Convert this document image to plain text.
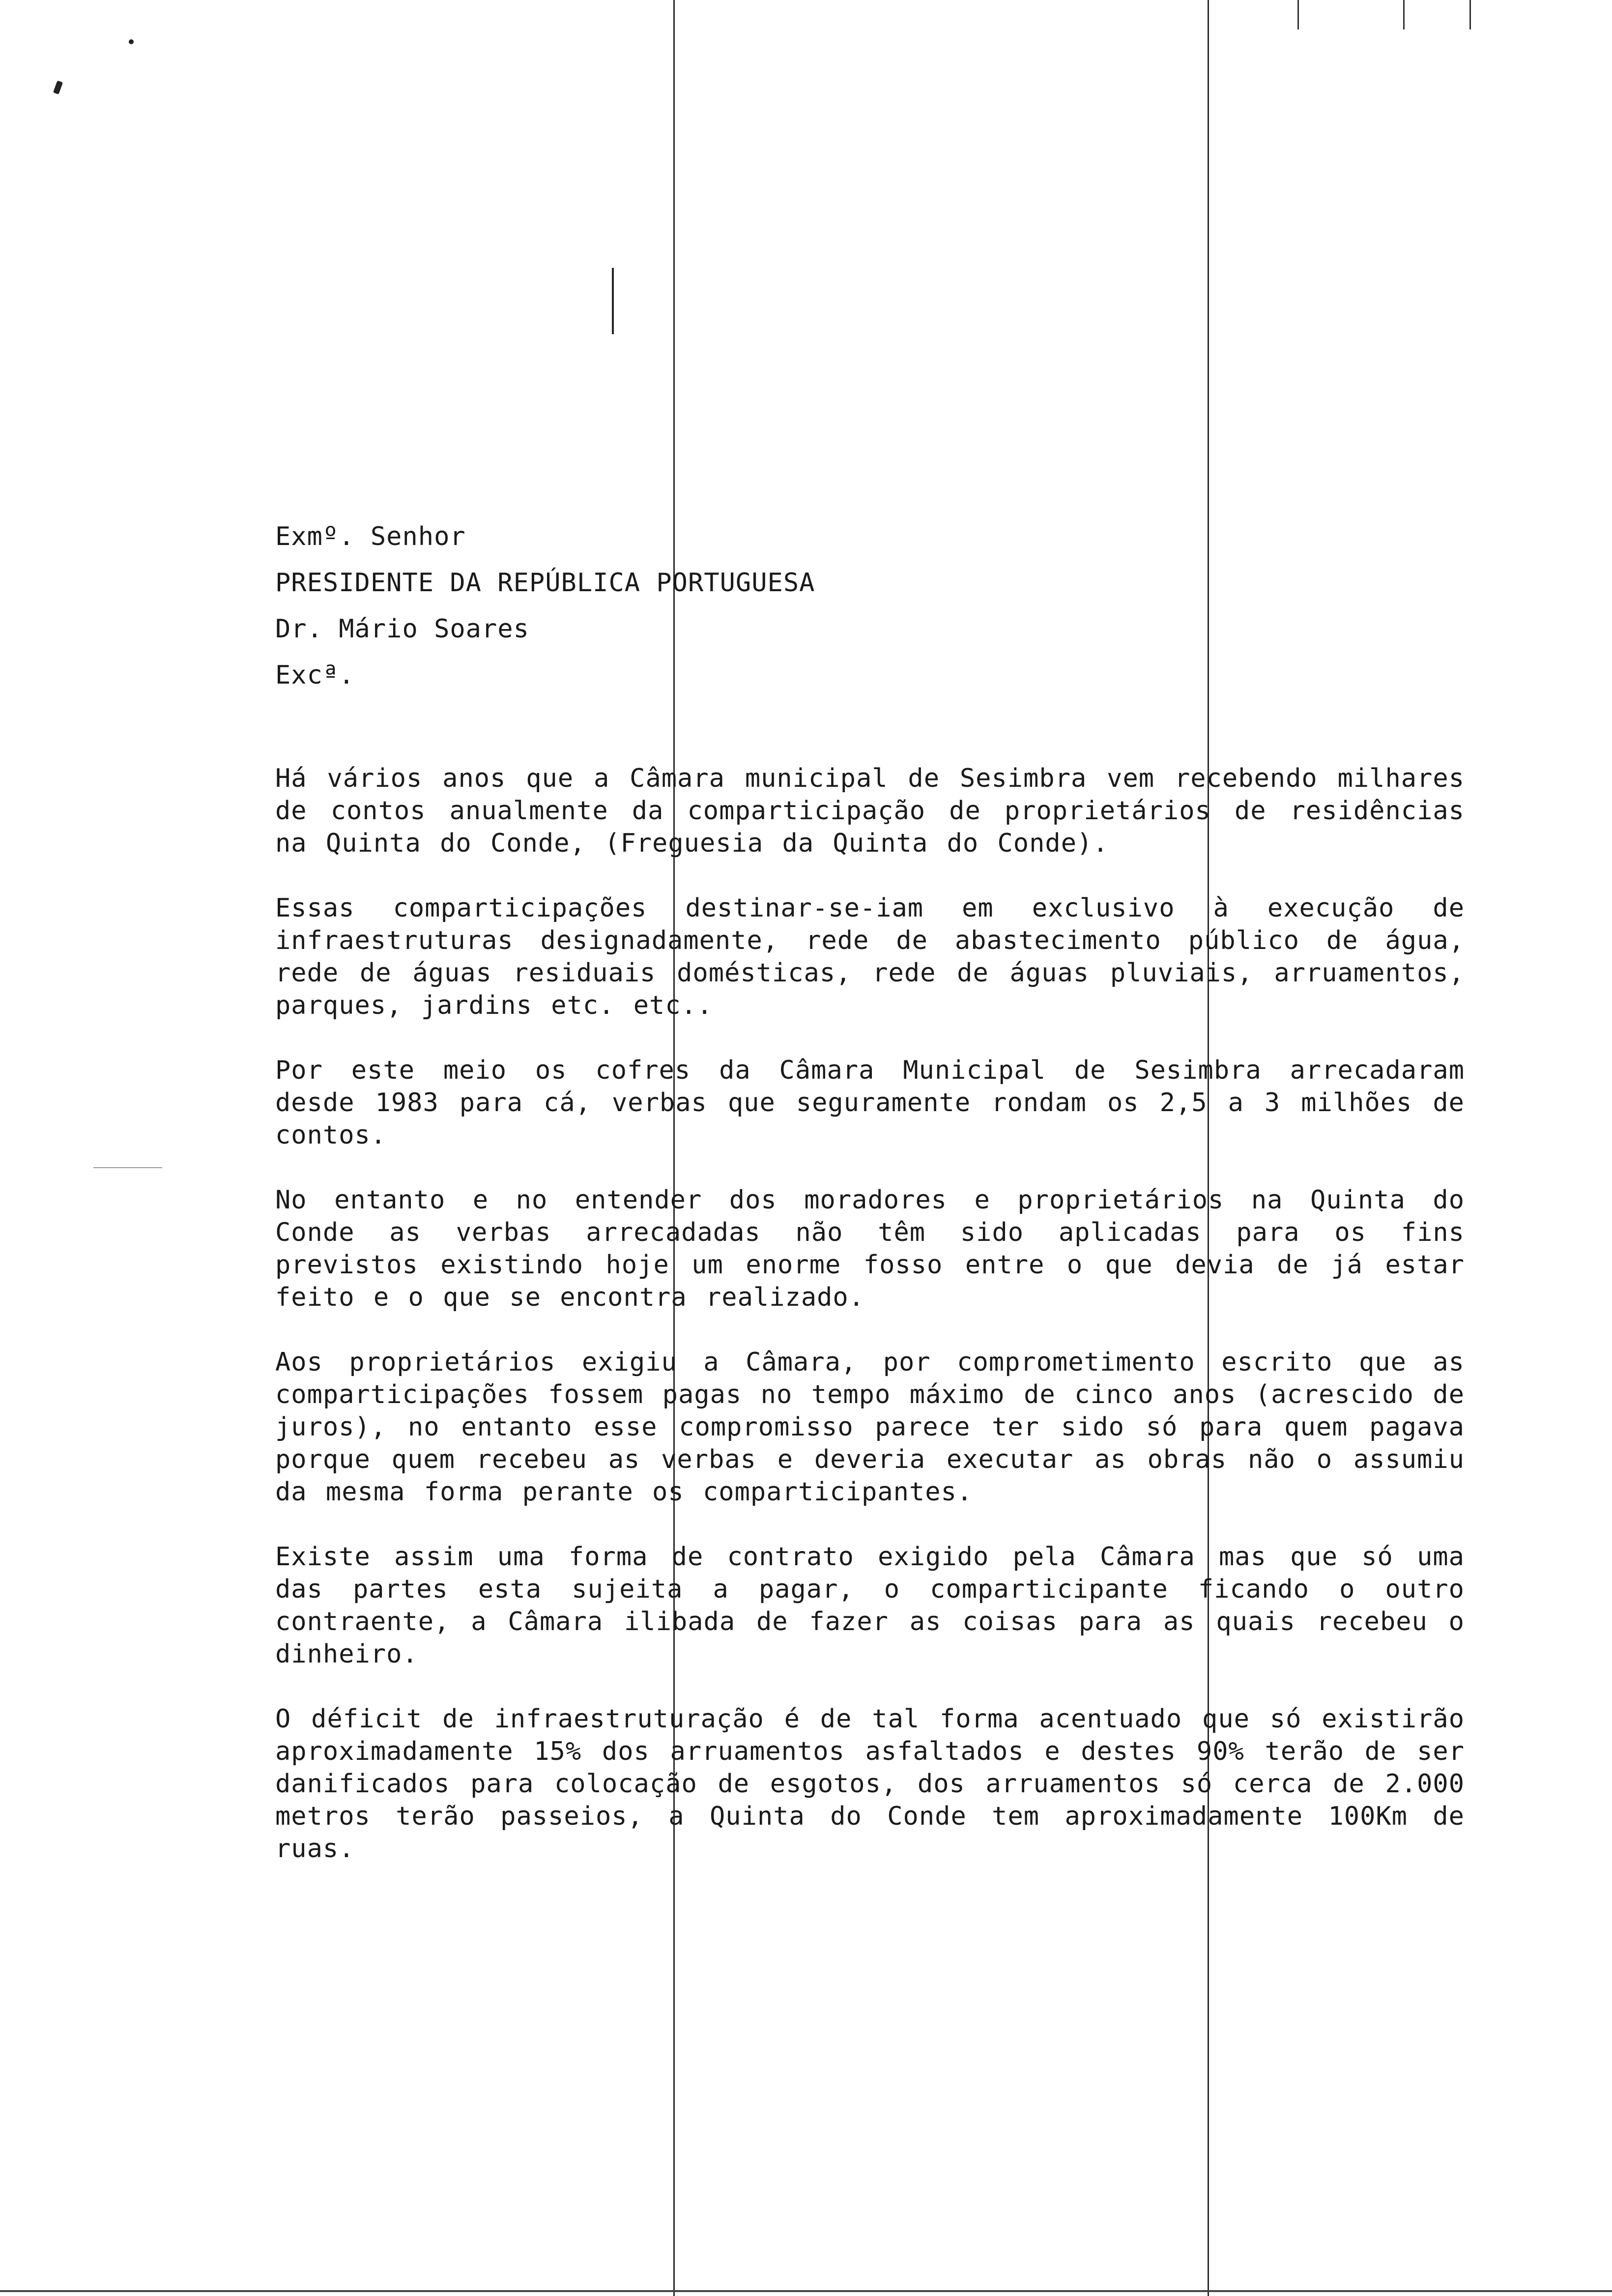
Exmº. Senhor
PRESIDENTE DA REPÚBLICA PORTUGUESA
Dr. Mário Soares
Excª.

Há vários anos que a Câmara municipal de Sesimbra vem recebendo milhares de contos anualmente da comparticipação de proprietários de residências na Quinta do Conde, (Freguesia da Quinta do Conde).

Essas comparticipações destinar-se-iam em exclusivo à execução de infraestruturas designadamente, rede de abastecimento público de água, rede de águas residuais domésticas, rede de águas pluviais, arruamentos, parques, jardins etc. etc..

Por este meio os cofres da Câmara Municipal de Sesimbra arrecadaram desde 1983 para cá, verbas que seguramente rondam os 2,5 a 3 milhões de contos.

No entanto e no entender dos moradores e proprietários na Quinta do Conde as verbas arrecadadas não têm sido aplicadas para os fins previstos existindo hoje um enorme fosso entre o que devia de já estar feito e o que se encontra realizado.

Aos proprietários exigiu a Câmara, por comprometimento escrito que as comparticipações fossem pagas no tempo máximo de cinco anos (acrescido de juros), no entanto esse compromisso parece ter sido só para quem pagava porque quem recebeu as verbas e deveria executar as obras não o assumiu da mesma forma perante os comparticipantes.

Existe assim uma forma de contrato exigido pela Câmara mas que só uma das partes esta sujeita a pagar, o comparticipante ficando o outro contraente, a Câmara ilibada de fazer as coisas para as quais recebeu o dinheiro.

O déficit de infraestruturação é de tal forma acentuado que só existirão aproximadamente 15% dos arruamentos asfaltados e destes 90% terão de ser danificados para colocação de esgotos, dos arruamentos só cerca de 2.000 metros terão passeios, a Quinta do Conde tem aproximadamente 100Km de ruas.
